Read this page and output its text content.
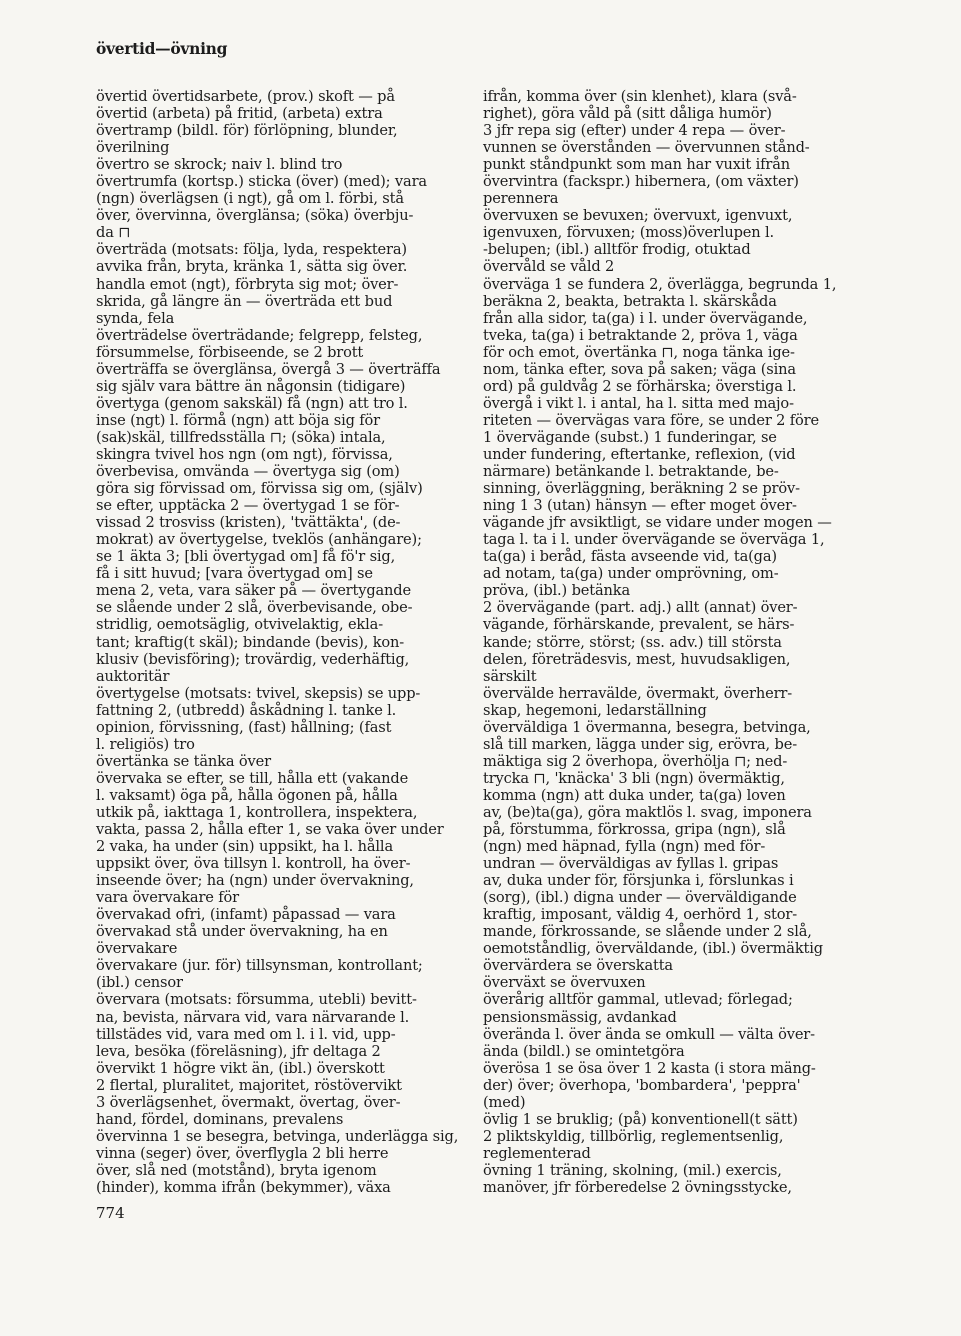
övertid—övning
övertid övertidsarbete, (prov.) skoft — på
övertid (arbeta) på fritid, (arbeta) extra
övertramp (bildl. för) förlöpning, blunder,
överilning
övertro se skrock; naiv l. blind tro
övertrumfa (kortsp.) sticka (över) (med); vara
(ngn) överlägsen (i ngt), gå om l. förbi, stå
över, övervinna, överglänsa; (söka) överbju-
da ⊓
överträda (motsats: följa, lyda, respektera)
avvika från, bryta, kränka 1, sätta sig över.
handla emot (ngt), förbryta sig mot; över-
skrida, gå längre än — överträda ett bud
synda, fela
överträdelse överträdande; felgrepp, felsteg,
försummelse, förbiseende, se 2 brott
överträffa se överglänsa, övergå 3 — överträffa
sig själv vara bättre än någonsin (tidigare)
övertyga (genom sakskäl) få (ngn) att tro l.
inse (ngt) l. förmå (ngn) att böja sig för
(sak)skäl, tillfredsställa ⊓; (söka) intala,
skingra tvivel hos ngn (om ngt), förvissa,
överbevisa, omvända — övertyga sig (om)
göra sig förvissad om, förvissa sig om, (själv)
se efter, upptäcka 2 — övertygad 1 se för-
vissad 2 trosviss (kristen), 'tvättäkta', (de-
mokrat) av övertygelse, tveklös (anhängare);
se 1 äkta 3; [bli övertygad om] få fö'r sig,
få i sitt huvud; [vara övertygad om] se
mena 2, veta, vara säker på — övertygande
se slående under 2 slå, överbevisande, obe-
stridlig, oemotsäglig, otvivelaktig, ekla-
tant; kraftig(t skäl); bindande (bevis), kon-
klusiv (bevisföring); trovärdig, vederhäftig,
auktoritär
övertygelse (motsats: tvivel, skepsis) se upp-
fattning 2, (utbredd) åskådning l. tanke l.
opinion, förvissning, (fast) hållning; (fast
l. religiös) tro
övertänka se tänka över
övervaka se efter, se till, hålla ett (vakande
l. vaksamt) öga på, hålla ögonen på, hålla
utkik på, iakttaga 1, kontrollera, inspektera,
vakta, passa 2, hålla efter 1, se vaka över under
2 vaka, ha under (sin) uppsikt, ha l. hålla
uppsikt över, öva tillsyn l. kontroll, ha över-
inseende över; ha (ngn) under övervakning,
vara övervakare för
övervakad ofri, (infamt) påpassad — vara
övervakad stå under övervakning, ha en
övervakare
övervakare (jur. för) tillsynsman, kontrollant;
(ibl.) censor
övervara (motsats: försumma, utebli) bevitt-
na, bevista, närvara vid, vara närvarande l.
tillstädes vid, vara med om l. i l. vid, upp-
leva, besöka (föreläsning), jfr deltaga 2
övervikt 1 högre vikt än, (ibl.) överskott
2 flertal, pluralitet, majoritet, röstövervikt
3 överlägsenhet, övermakt, övertag, över-
hand, fördel, dominans, prevalens
övervinna 1 se besegra, betvinga, underlägga sig,
vinna (seger) över, överflygla 2 bli herre
över, slå ned (motstånd), bryta igenom
(hinder), komma ifrån (bekymmer), växa
ifrån, komma över (sin klenhet), klara (svå-
righet), göra våld på (sitt dåliga humör)
3 jfr repa sig (efter) under 4 repa — över-
vunnen se överstånden — övervunnen stånd-
punkt ståndpunkt som man har vuxit ifrån
övervintra (fackspr.) hibernera, (om växter)
perennera
övervuxen se bevuxen; övervuxt, igenvuxt,
igenvuxen, förvuxen; (moss)överlupen l.
-belupen; (ibl.) alltför frodig, otuktad
övervåld se våld 2
överväga 1 se fundera 2, överlägga, begrunda 1,
beräkna 2, beakta, betrakta l. skärskåda
från alla sidor, ta(ga) i l. under övervägande,
tveka, ta(ga) i betraktande 2, pröva 1, väga
för och emot, övertänka ⊓, noga tänka ige-
nom, tänka efter, sova på saken; väga (sina
ord) på guldvåg 2 se förhärska; överstiga l.
övergå i vikt l. i antal, ha l. sitta med majo-
riteten — övervägas vara före, se under 2 före
1 övervägande (subst.) 1 funderingar, se
under fundering, eftertanke, reflexion, (vid
närmare) betänkande l. betraktande, be-
sinning, överläggning, beräkning 2 se pröv-
ning 1 3 (utan) hänsyn — efter moget över-
vägande jfr avsiktligt, se vidare under mogen —
taga l. ta i l. under övervägande se överväga 1,
ta(ga) i beråd, fästa avseende vid, ta(ga)
ad notam, ta(ga) under omprövning, om-
pröva, (ibl.) betänka
2 övervägande (part. adj.) allt (annat) över-
vägande, förhärskande, prevalent, se härs-
kande; större, störst; (ss. adv.) till största
delen, företrädesvis, mest, huvudsakligen,
särskilt
övervälde herravälde, övermakt, överherr-
skap, hegemoni, ledarställning
överväldiga 1 övermanna, besegra, betvinga,
slå till marken, lägga under sig, erövra, be-
mäktiga sig 2 överhopa, överhölja ⊓; ned-
trycka ⊓, 'knäcka' 3 bli (ngn) övermäktig,
komma (ngn) att duka under, ta(ga) loven
av, (be)ta(ga), göra maktlös l. svag, imponera
på, förstumma, förkrossa, gripa (ngn), slå
(ngn) med häpnad, fylla (ngn) med för-
undran — överväldigas av fyllas l. gripas
av, duka under för, försjunka i, förslunkas i
(sorg), (ibl.) digna under — överväldigande
kraftig, imposant, väldig 4, oerhörd 1, stor-
mande, förkrossande, se slående under 2 slå,
oemotståndlig, överväldande, (ibl.) övermäktig
övervärdera se överskatta
överväxt se övervuxen
överårig alltför gammal, utlevad; förlegad;
pensionsmässig, avdankad
överända l. över ända se omkull — välta över-
ända (bildl.) se omintetgöra
överösa 1 se ösa över 1 2 kasta (i stora mäng-
der) över; överhopa, 'bombardera', 'peppra'
(med)
övlig 1 se bruklig; (på) konventionell(t sätt)
2 pliktskyldig, tillbörlig, reglementsenlig,
reglementerad
övning 1 träning, skolning, (mil.) exercis,
manöver, jfr förberedelse 2 övningsstycke,
774
